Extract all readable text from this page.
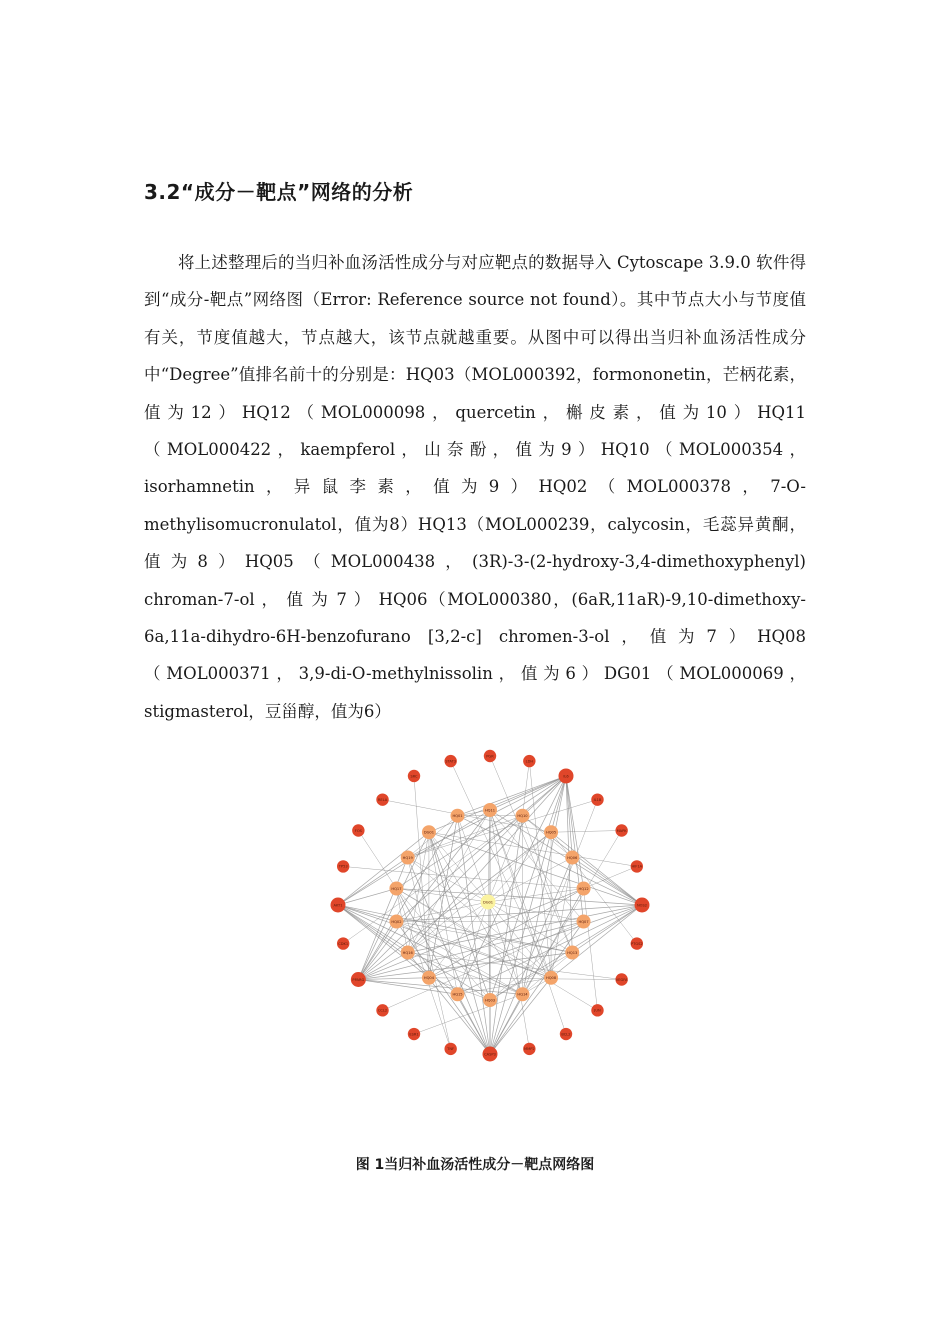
3.2“成分－靶点”网络的分析

将上述整理后的当归补血汤活性成分与对应靶点的数据导入 Cytoscape 3.9.0 软件得到“成分-靶点”网络图（Error: Reference source not found）。其中节点大小与节度值有关，节度值越大，节点越大，该节点就越重要。从图中可以得出当归补血汤活性成分中“Degree”值排名前十的分别是：HQ03（MOL000392，formononetin，芒柄花素，值为12）HQ12（MOL000098，quercetin，槲皮素，值为10）HQ11（MOL000422，kaempferol，山奈酚，值为9）HQ10（MOL000354，isorhamnetin，异鼠李素，值为9）HQ02（MOL000378，7-O-methylisomucronulatol，值为8）HQ13（MOL000239，calycosin，毛蕊异黄酮，值为8）HQ05（MOL000438，(3R)-3-(2-hydroxy-3,4-dimethoxyphenyl) chroman-7-ol ， 值 为 7 ） HQ06（MOL000380，(6aR,11aR)-9,10-dimethoxy-6a,11a-dihydro-6H-benzofurano [3,2-c] chromen-3-ol，值为7）HQ08（MOL000371，3,9-di-O-methylnissolin，值为6）DG01（MOL000069，stigmasterol，豆甾醇，值为6）

PGR
LDH
IL6
IL1B
MAPK
HIF1A
NOS2
PTGS2
VEGFA
JUN
BCL2
MMP2
CASP3
TNF
ESR1
CCL2
PPARG
CDK1
AKT1
TP53
FOS
RELA
SRC
STAT3
HQ11
HQ10
HQ05
HQ06
HQ12
HQ07
HQ13
HQ08
HQ14
HQ03
HQ15
HQ04
HQ16
HQ02
HQ17
HQ19
DG01
HQ01
DG01

图 1当归补血汤活性成分－靶点网络图
